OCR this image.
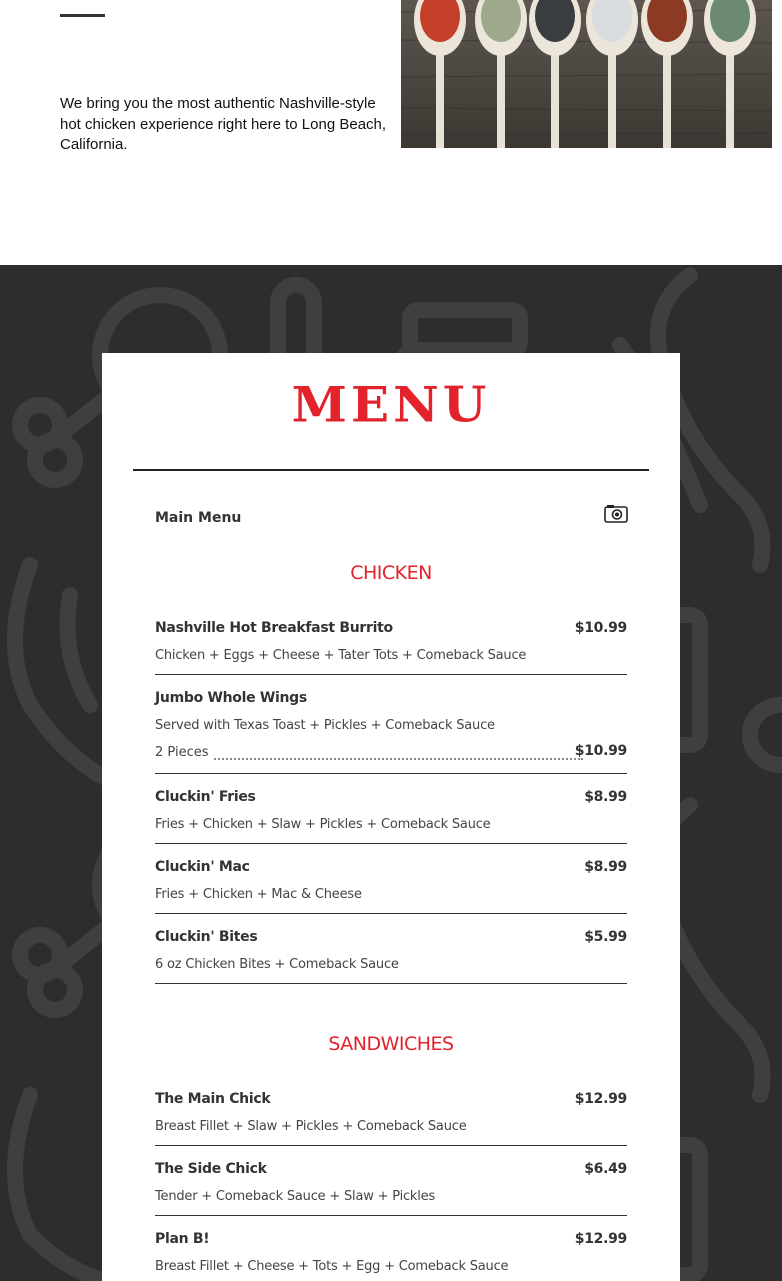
We bring you the most authentic Nashville-style hot chicken experience right here to Long Beach, California.

MENU
Main Menu
CHICKEN
Nashville Hot Breakfast Burrito	$10.99
Chicken + Eggs + Cheese + Tater Tots + Comeback Sauce
Jumbo Whole Wings
Served with Texas Toast + Pickles + Comeback Sauce
2 Pieces	$10.99
Cluckin' Fries	$8.99
Fries + Chicken + Slaw + Pickles + Comeback Sauce
Cluckin' Mac	$8.99
Fries + Chicken + Mac & Cheese
Cluckin' Bites	$5.99
6 oz Chicken Bites + Comeback Sauce
SANDWICHES
The Main Chick	$12.99
Breast Fillet + Slaw + Pickles + Comeback Sauce
The Side Chick	$6.49
Tender + Comeback Sauce + Slaw + Pickles
Plan B!	$12.99
Breast Fillet + Cheese + Tots + Egg + Comeback Sauce
